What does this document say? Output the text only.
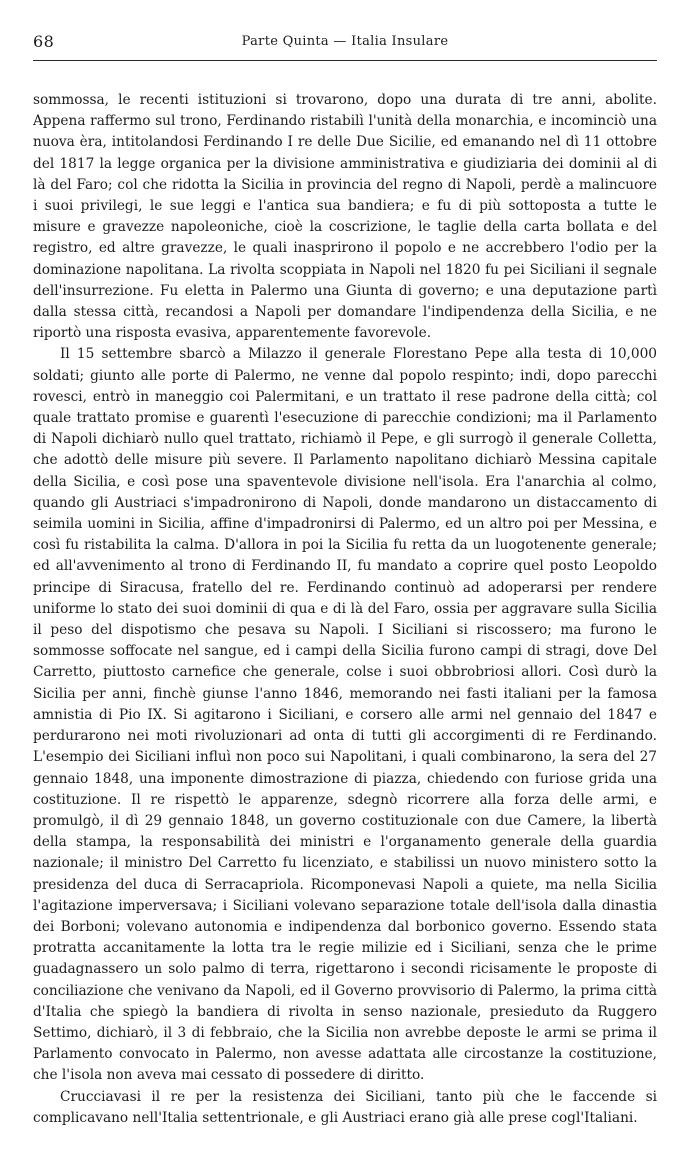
68	Parte Quinta — Italia Insulare

sommossa, le recenti istituzioni si trovarono, dopo una durata di tre anni, abolite. Appena raffermo sul trono, Ferdinando ristabilì l'unità della monarchia, e incominciò una nuova èra, intitolandosi Ferdinando I re delle Due Sicilie, ed emanando nel dì 11 ottobre del 1817 la legge organica per la divisione amministrativa e giudiziaria dei dominii al di là del Faro; col che ridotta la Sicilia in provincia del regno di Napoli, perdè a malincuore i suoi privilegi, le sue leggi e l'antica sua bandiera; e fu di più sottoposta a tutte le misure e gravezze napoleoniche, cioè la coscrizione, le taglie della carta bollata e del registro, ed altre gravezze, le quali inasprirono il popolo e ne accrebbero l'odio per la dominazione napolitana. La rivolta scoppiata in Napoli nel 1820 fu pei Siciliani il segnale dell'insurrezione. Fu eletta in Palermo una Giunta di governo; e una deputazione partì dalla stessa città, recandosi a Napoli per domandare l'indipendenza della Sicilia, e ne riportò una risposta evasiva, apparentemente favorevole.

Il 15 settembre sbarcò a Milazzo il generale Florestano Pepe alla testa di 10,000 soldati; giunto alle porte di Palermo, ne venne dal popolo respinto; indi, dopo parecchi rovesci, entrò in maneggio coi Palermitani, e un trattato il rese padrone della città; col quale trattato promise e guarentì l'esecuzione di parecchie condizioni; ma il Parlamento di Napoli dichiarò nullo quel trattato, richiamò il Pepe, e gli surrogò il generale Colletta, che adottò delle misure più severe. Il Parlamento napolitano dichiarò Messina capitale della Sicilia, e così pose una spaventevole divisione nell'isola. Era l'anarchia al colmo, quando gli Austriaci s'impadronirono di Napoli, donde mandarono un distaccamento di seimila uomini in Sicilia, affine d'impadronirsi di Palermo, ed un altro poi per Messina, e così fu ristabilita la calma. D'allora in poi la Sicilia fu retta da un luogotenente generale; ed all'avvenimento al trono di Ferdinando II, fu mandato a coprire quel posto Leopoldo principe di Siracusa, fratello del re. Ferdinando continuò ad adoperarsi per rendere uniforme lo stato dei suoi dominii di qua e di là del Faro, ossia per aggravare sulla Sicilia il peso del dispotismo che pesava su Napoli. I Siciliani si riscossero; ma furono le sommosse soffocate nel sangue, ed i campi della Sicilia furono campi di stragi, dove Del Carretto, piuttosto carnefice che generale, colse i suoi obbrobriosi allori. Così durò la Sicilia per anni, finchè giunse l'anno 1846, memorando nei fasti italiani per la famosa amnistia di Pio IX. Si agitarono i Siciliani, e corsero alle armi nel gennaio del 1847 e perdurarono nei moti rivoluzionari ad onta di tutti gli accorgimenti di re Ferdinando. L'esempio dei Siciliani influì non poco sui Napolitani, i quali combinarono, la sera del 27 gennaio 1848, una imponente dimostrazione di piazza, chiedendo con furiose grida una costituzione. Il re rispettò le apparenze, sdegnò ricorrere alla forza delle armi, e promulgò, il dì 29 gennaio 1848, un governo costituzionale con due Camere, la libertà della stampa, la responsabilità dei ministri e l'organamento generale della guardia nazionale; il ministro Del Carretto fu licenziato, e stabilissi un nuovo ministero sotto la presidenza del duca di Serracapriola. Ricomponevasi Napoli a quiete, ma nella Sicilia l'agitazione imperversava; i Siciliani volevano separazione totale dell'isola dalla dinastia dei Borboni; volevano autonomia e indipendenza dal borbonico governo. Essendo stata protratta accanitamente la lotta tra le regie milizie ed i Siciliani, senza che le prime guadagnassero un solo palmo di terra, rigettarono i secondi ricisamente le proposte di conciliazione che venivano da Napoli, ed il Governo provvisorio di Palermo, la prima città d'Italia che spiegò la bandiera di rivolta in senso nazionale, presieduto da Ruggero Settimo, dichiarò, il 3 di febbraio, che la Sicilia non avrebbe deposte le armi se prima il Parlamento convocato in Palermo, non avesse adattata alle circostanze la costituzione, che l'isola non aveva mai cessato di possedere di diritto.

Crucciavasi il re per la resistenza dei Siciliani, tanto più che le faccende si complicavano nell'Italia settentrionale, e gli Austriaci erano già alle prese cogl'Italiani.
